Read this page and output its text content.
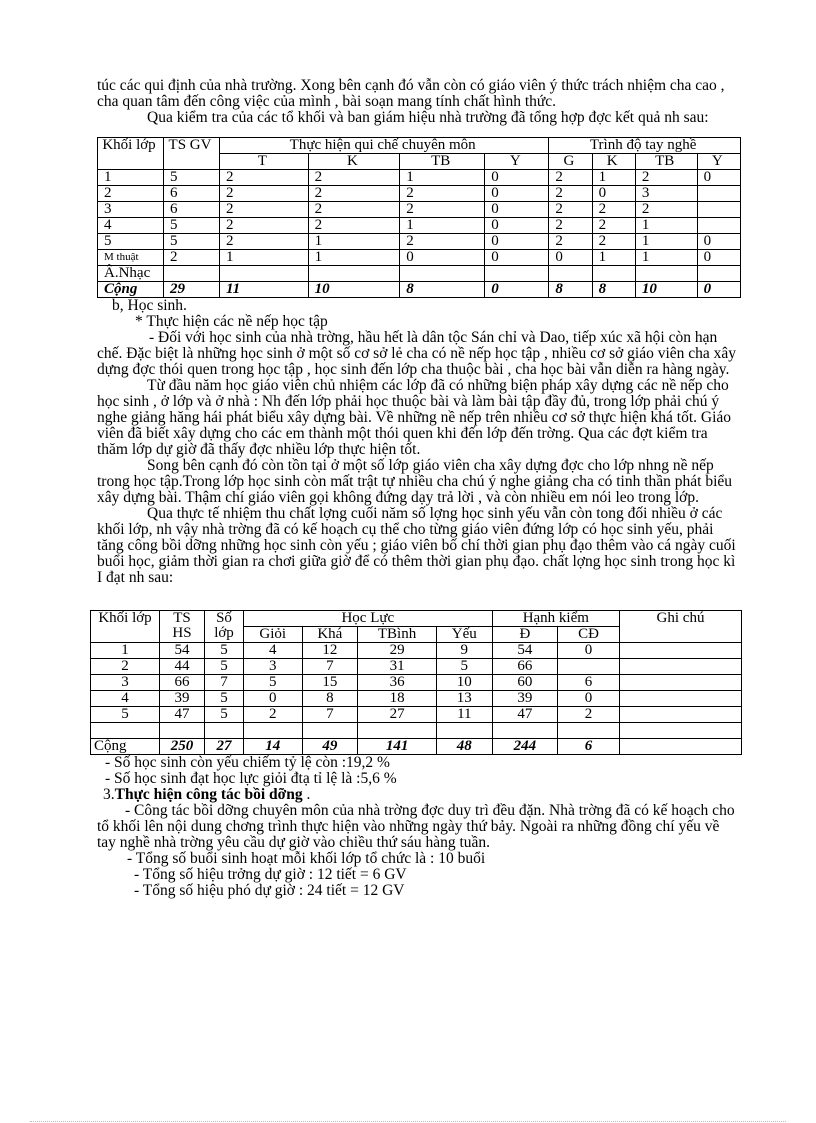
túc các qui định của nhà trường. Xong bên cạnh đó vẫn còn có giáo viên ý thức trách nhiệm cha cao , cha quan tâm đến công việc của mình , bài soạn mang tính chất hình thức.

Qua kiểm tra của các tổ khối và ban giám hiệu nhà trường đã tổng hợp đợc kết quả nh sau:

Khối lớp	TS GV	Thực hiện qui chế chuyên môn				Trình độ tay nghề			
		T	K	TB	Y	G	K	TB	Y
1	5	2	2	1	0	2	1	2	0
2	6	2	2	2	0	2	0	3	
3	6	2	2	2	0	2	2	2	
4	5	2	2	1	0	2	2	1	
5	5	2	1	2	0	2	2	1	0
M thuật	2	1	1	0	0	0	1	1	0
Â.Nhạc									
Cộng	29	11	10	8	0	8	8	10	0

b, Học sinh.

* Thực hiện các nề nếp học tập

- Đối với học sinh của nhà trờng, hầu hết là dân tộc Sán chỉ và Dao, tiếp xúc xã hội còn hạn chế. Đặc biệt là những học sinh ở một số cơ sở lẻ cha có nề nếp học tập , nhiều cơ sở giáo viên cha xây dựng đợc thói quen trong học tập , học sinh đến lớp cha thuộc bài , cha học bài vẫn diễn ra hàng ngày.

Từ đầu năm học giáo viên chủ nhiệm các lớp đã có những biện pháp xây dựng các nề nếp cho học sinh , ở lớp và ở nhà : Nh đến lớp phải học thuộc bài và làm bài tập đầy đủ, trong lớp phải chú ý nghe giảng hăng hái phát biểu xây dựng bài. Về những nề nếp trên nhiều cơ sở thực hiện khá tốt. Giáo viên đã biết xây dựng cho các em thành một thói quen khi đến lớp đến trờng. Qua các đợt kiểm tra thăm lớp dự giờ đã thấy đợc nhiều lớp thực hiện tốt.

Song bên cạnh đó còn tồn tại ở một số lớp giáo viên cha xây dựng đợc cho lớp nhng nề nếp trong học tập.Trong lớp học sinh còn mất trật tự nhiều cha chú ý nghe giảng cha có tinh thần phát biểu xây dựng bài. Thậm chí giáo viên gọi không đứng dạy trả lời , và còn nhiều em nói leo trong lớp.

Qua thực tế nhiệm thu chất lợng cuối năm số lợng học sinh yếu vẫn còn tong đối nhiều ở các khối lớp, nh vậy nhà trờng đã có kế hoạch cụ thể cho từng giáo viên đứng lớp có học sinh yếu, phải tăng công bồi dỡng những học sinh còn yếu ; giáo viên bố chí thời gian phụ đạo thêm vào cá ngày cuối buổi học, giảm thời gian ra chơi giữa giờ để có thêm thời gian phụ đạo. chất lợng học sinh trong học kì I đạt nh sau:

Khối lớp	TS HS	Số lớp	Học Lực				Hạnh kiểm		Ghi chú
			Giỏi	Khá	TBình	Yếu	Đ	CĐ	
1	54	5	4	12	29	9	54	0	
2	44	5	3	7	31	5	66		
3	66	7	5	15	36	10	60	6	
4	39	5	0	8	18	13	39	0	
5	47	5	2	7	27	11	47	2	

Cộng	250	27	14	49	141	48	244	6	

- Số học sinh còn yếu chiếm tỷ lệ còn :19,2 %

- Số học sinh đạt học lực giỏi đtạ tỉ lệ là :5,6 %

3.Thực hiện công tác bồi dỡng .

- Công tác bồi dỡng chuyên môn của nhà trờng đợc duy trì đều đặn. Nhà trờng đã có kế hoạch cho tổ khối lên nội dung chơng trình thực hiện vào những ngày thứ bảy. Ngoài ra những đồng chí yếu về tay nghề nhà trờng yêu cầu dự giờ vào chiều thứ sáu hàng tuần.

- Tổng số buổi sinh hoạt mỗi khối lớp tổ chức là : 10 buổi

- Tổng số hiệu trởng dự giờ : 12 tiết = 6 GV

- Tổng số hiệu phó dự giờ : 24 tiết = 12 GV
